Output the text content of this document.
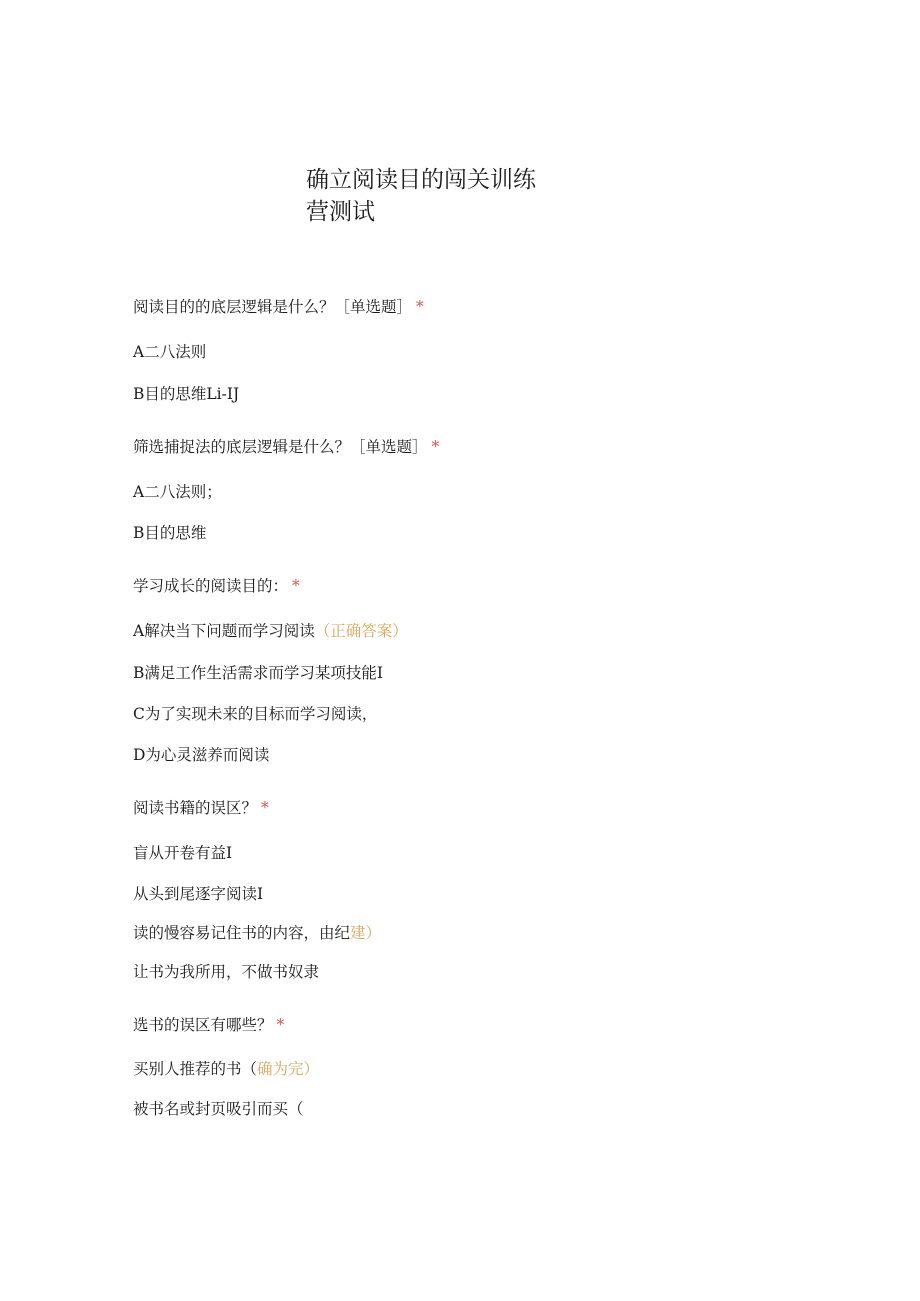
确立阅读目的闯关训练营测试
阅读目的的底层逻辑是什么？［单选题］ *
A二八法则
B目的思维Li-IJ
筛选捕捉法的底层逻辑是什么？［单选题］ *
A二八法则；
B目的思维
学习成长的阅读目的： *
A解决当下问题而学习阅读（正确答案）
B满足工作生活需求而学习某项技能I
C为了实现未来的目标而学习阅读，
D为心灵滋养而阅读
阅读书籍的误区？ *
盲从开卷有益I
从头到尾逐字阅读I
读的慢容易记住书的内容，由纪建）
让书为我所用，不做书奴隶
选书的误区有哪些？ *
买别人推荐的书（确为完）
被书名或封页吸引而买（
